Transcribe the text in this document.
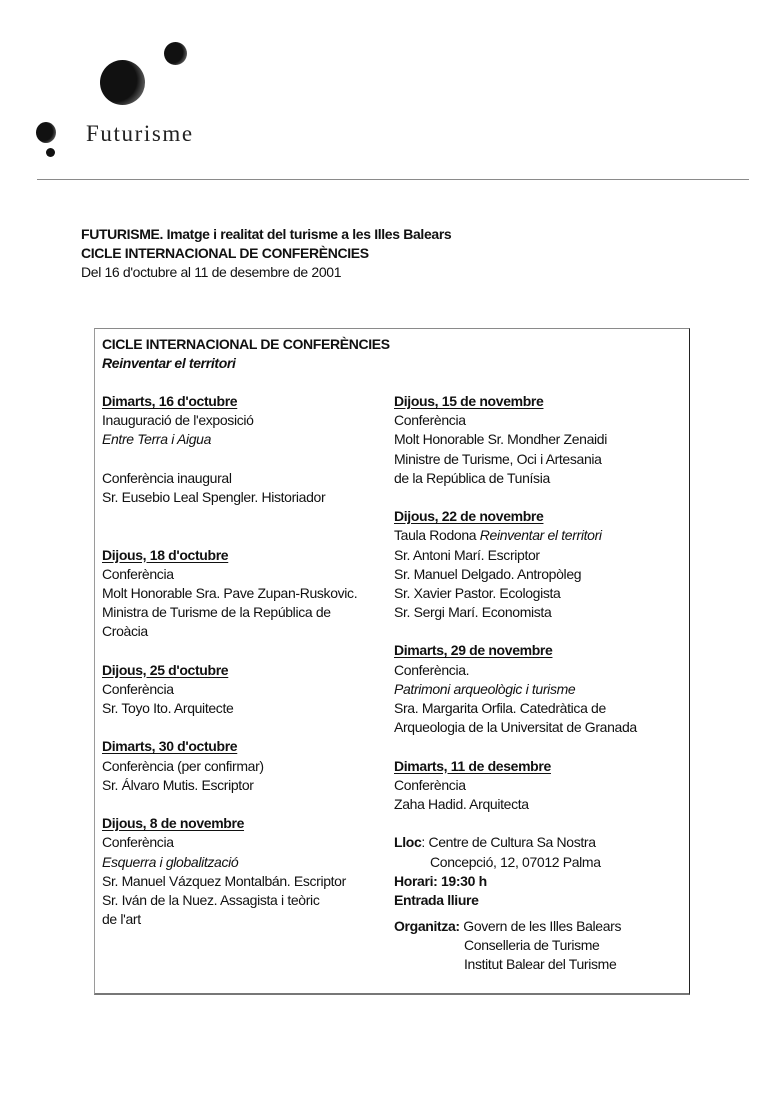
Futurisme
FUTURISME. Imatge i realitat del turisme a les Illes Balears
CICLE INTERNACIONAL DE CONFERÈNCIES
Del 16 d'octubre al 11 de desembre de 2001
CICLE INTERNACIONAL DE CONFERÈNCIES
Reinventar el territori
Dimarts, 16 d'octubre
Inauguració de l'exposició
Entre Terra i Aigua
Conferència inaugural
Sr. Eusebio Leal Spengler. Historiador
Dijous, 18 d'octubre
Conferència
Molt Honorable Sra. Pave Zupan-Ruskovic.
Ministra de Turisme de la República de
Croàcia
Dijous, 25 d'octubre
Conferència
Sr. Toyo Ito. Arquitecte
Dimarts, 30 d'octubre
Conferència (per confirmar)
Sr. Álvaro Mutis. Escriptor
Dijous, 8 de novembre
Conferència
Esquerra i globalització
Sr. Manuel Vázquez Montalbán. Escriptor
Sr. Iván de la Nuez. Assagista i teòric
de l'art
Dijous, 15 de novembre
Conferència
Molt Honorable Sr. Mondher Zenaidi
Ministre de Turisme, Oci i Artesania
de la República de Tunísia
Dijous, 22 de novembre
Taula Rodona Reinventar el territori
Sr. Antoni Marí. Escriptor
Sr. Manuel Delgado. Antropòleg
Sr. Xavier Pastor. Ecologista
Sr. Sergi Marí. Economista
Dimarts, 29 de novembre
Conferència.
Patrimoni arqueològic i turisme
Sra. Margarita Orfila. Catedràtica de
Arqueologia de la Universitat de Granada
Dimarts, 11 de desembre
Conferència
Zaha Hadid. Arquitecta
Lloc: Centre de Cultura Sa Nostra
Concepció, 12, 07012 Palma
Horari: 19:30 h
Entrada lliure
Organitza: Govern de les Illes Balears
Conselleria de Turisme
Institut Balear del Turisme
